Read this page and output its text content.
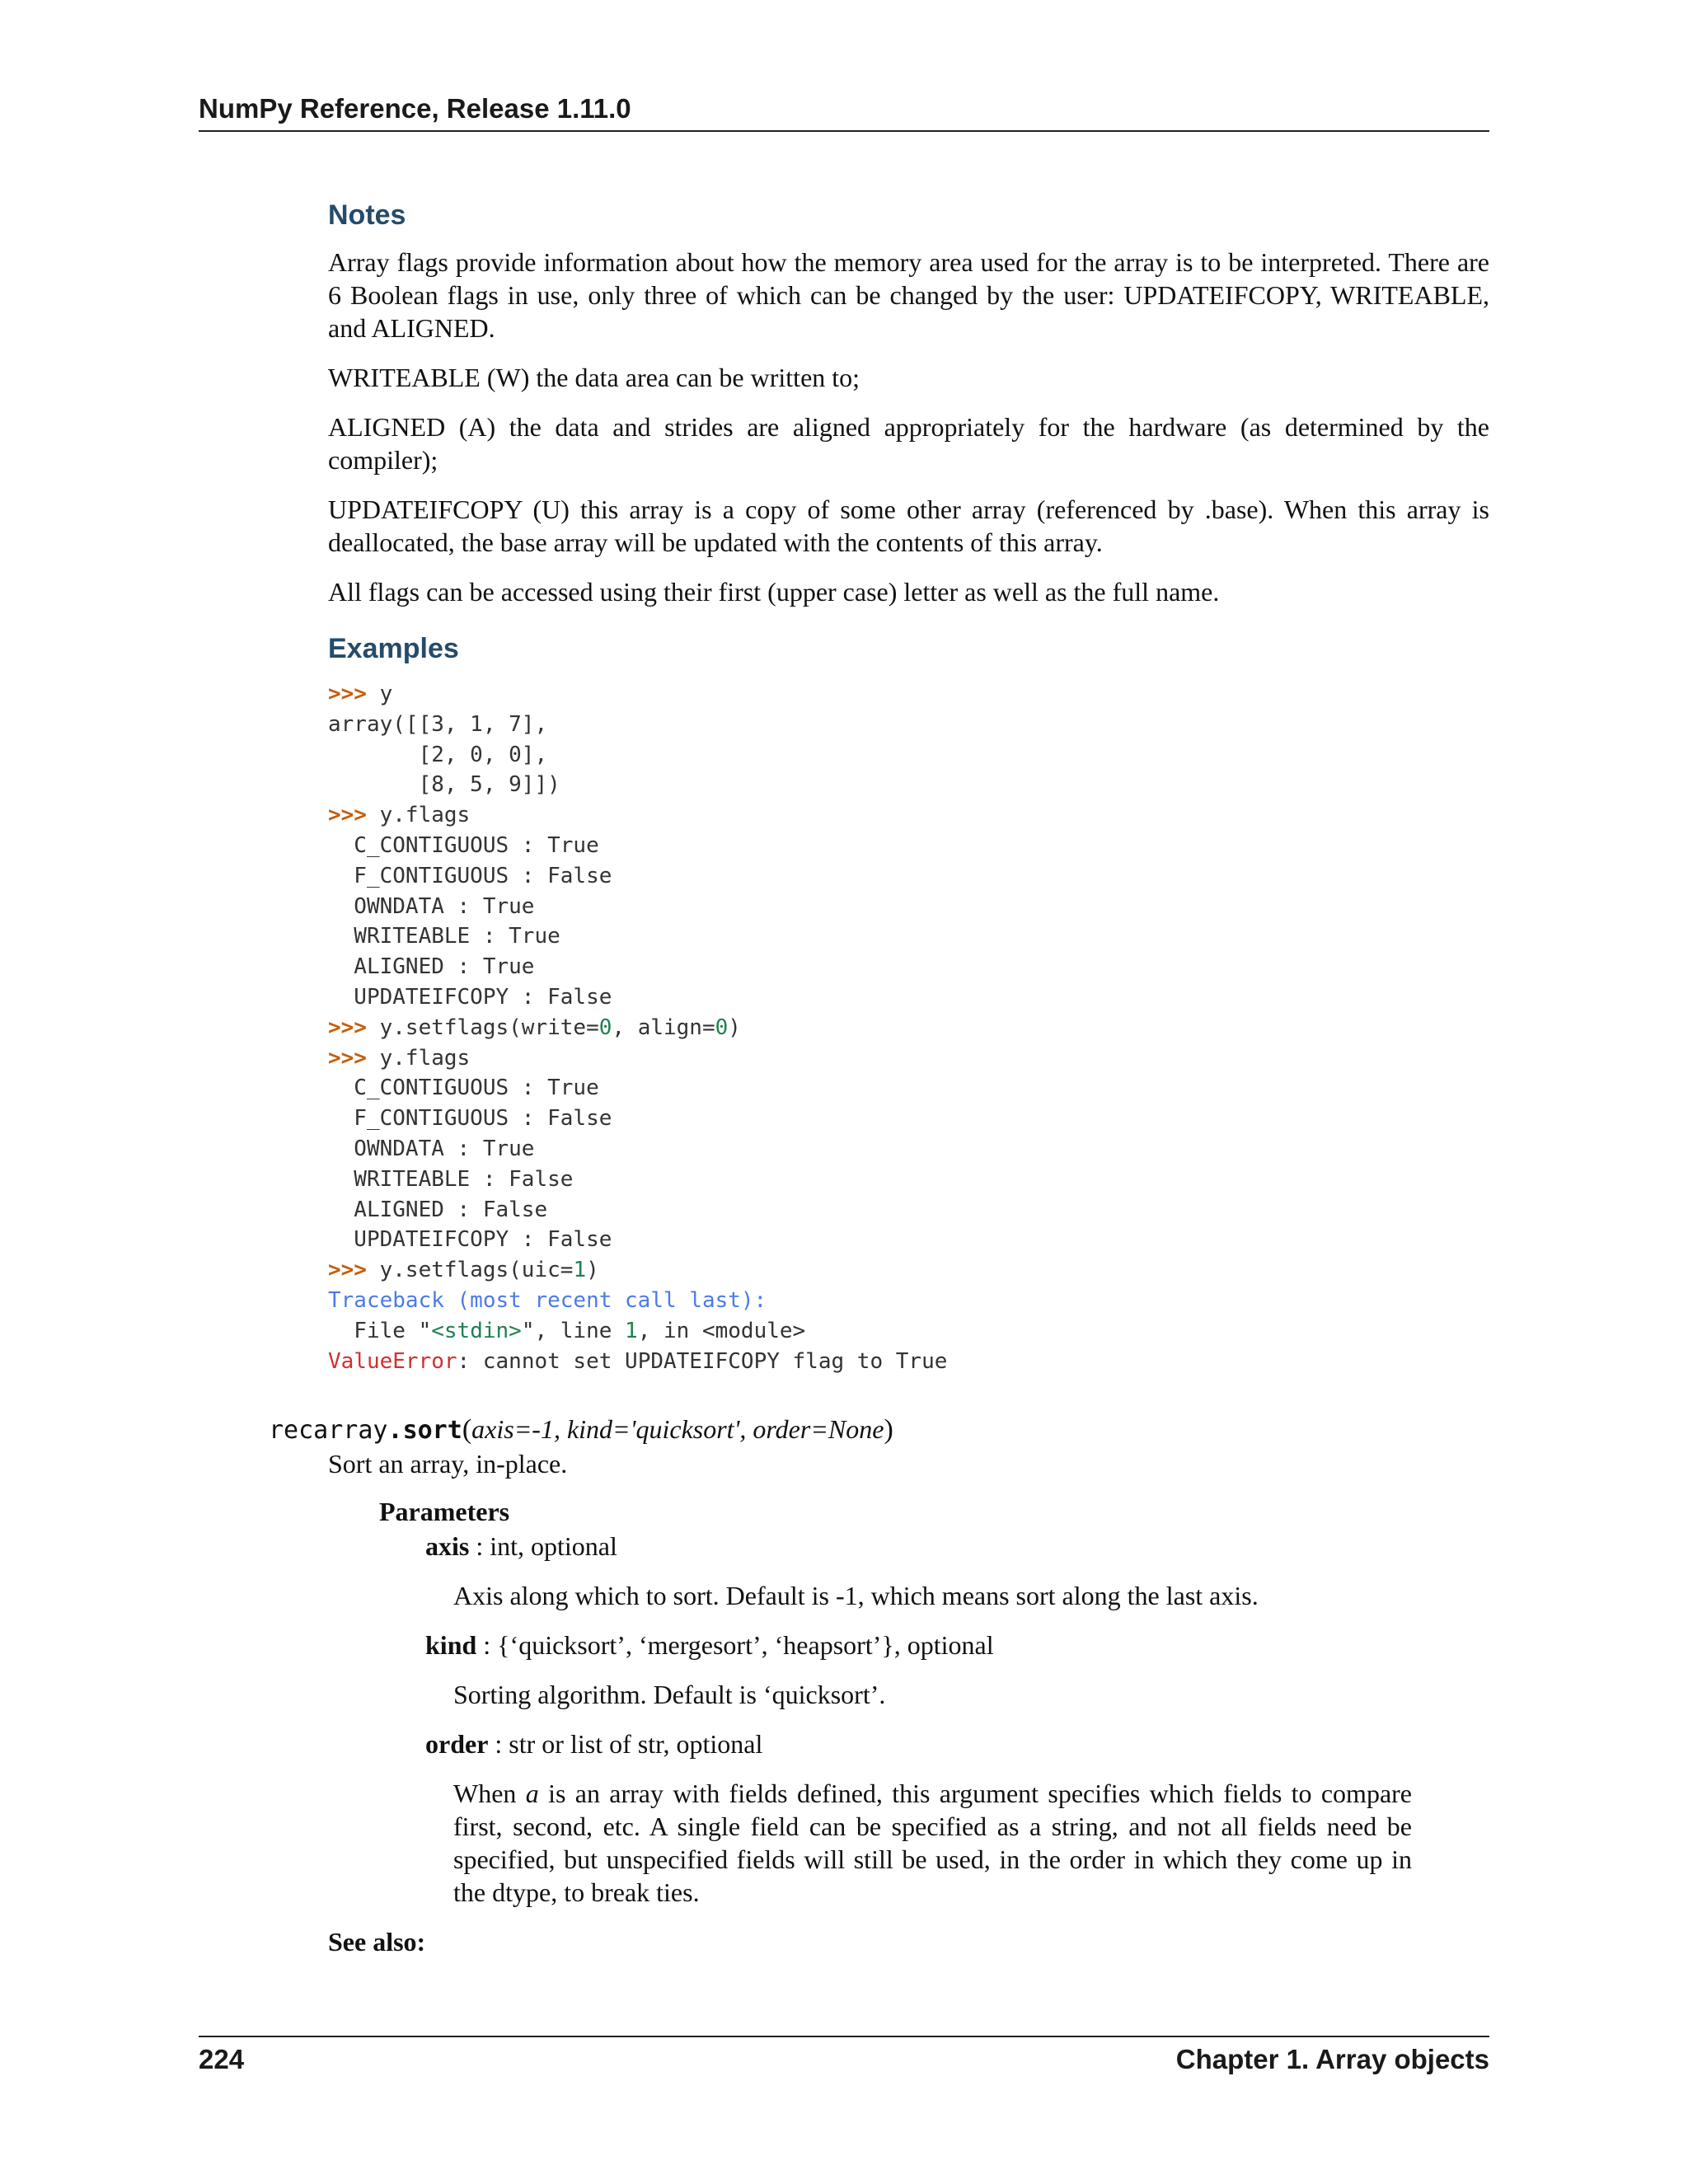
NumPy Reference, Release 1.11.0
Notes

Array flags provide information about how the memory area used for the array is to be interpreted. There are 6 Boolean flags in use, only three of which can be changed by the user: UPDATEIFCOPY, WRITEABLE, and ALIGNED.

WRITEABLE (W) the data area can be written to;

ALIGNED (A) the data and strides are aligned appropriately for the hardware (as determined by the compiler);

UPDATEIFCOPY (U) this array is a copy of some other array (referenced by .base). When this array is deallocated, the base array will be updated with the contents of this array.

All flags can be accessed using their first (upper case) letter as well as the full name.

Examples
>>> y
array([[3, 1, 7],
[2, 0, 0],
[8, 5, 9]])
>>> y.flags
C_CONTIGUOUS : True
F_CONTIGUOUS : False
OWNDATA : True
WRITEABLE : True
ALIGNED : True
UPDATEIFCOPY : False
>>> y.setflags(write=0, align=0)
>>> y.flags
C_CONTIGUOUS : True
F_CONTIGUOUS : False
OWNDATA : True
WRITEABLE : False
ALIGNED : False
UPDATEIFCOPY : False
>>> y.setflags(uic=1)
Traceback (most recent call last):
File "<stdin>", line 1, in <module>
ValueError: cannot set UPDATEIFCOPY flag to True
recarray.sort(axis=-1, kind='quicksort', order=None)
Sort an array, in-place.
Parameters
axis : int, optional
Axis along which to sort. Default is -1, which means sort along the last axis.
kind : {‘quicksort’, ‘mergesort’, ‘heapsort’}, optional
Sorting algorithm. Default is ‘quicksort’.
order : str or list of str, optional
When a is an array with fields defined, this argument specifies which fields to compare first, second, etc. A single field can be specified as a string, and not all fields need be specified, but unspecified fields will still be used, in the order in which they come up in the dtype, to break ties.
See also:
224	Chapter 1. Array objects
